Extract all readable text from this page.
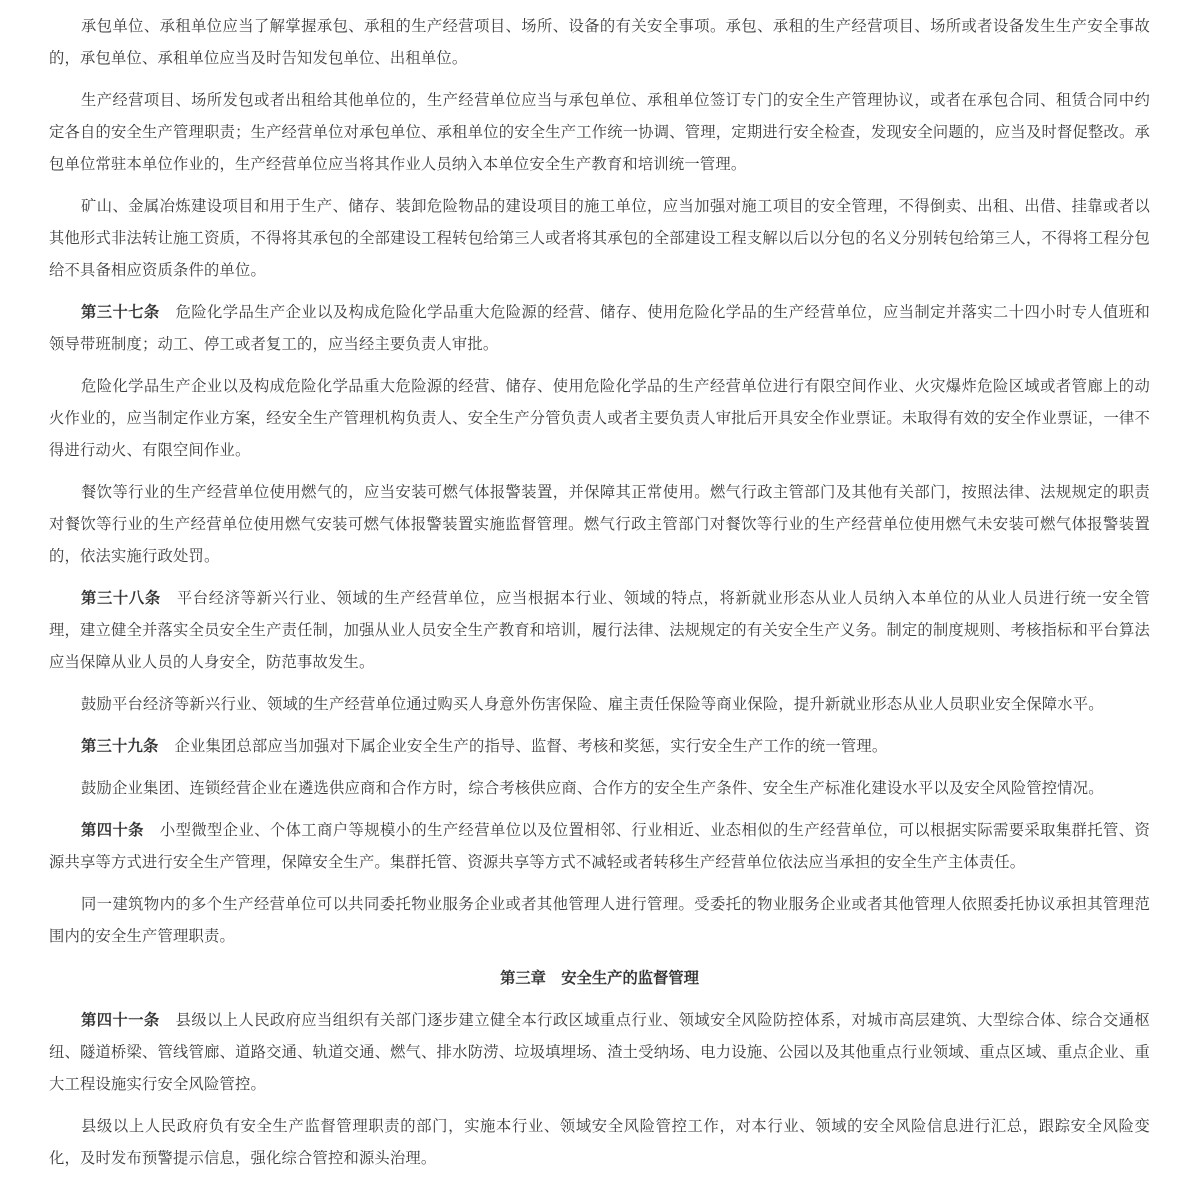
承包单位、承租单位应当了解掌握承包、承租的生产经营项目、场所、设备的有关安全事项。承包、承租的生产经营项目、场所或者设备发生生产安全事故的，承包单位、承租单位应当及时告知发包单位、出租单位。

生产经营项目、场所发包或者出租给其他单位的，生产经营单位应当与承包单位、承租单位签订专门的安全生产管理协议，或者在承包合同、租赁合同中约定各自的安全生产管理职责；生产经营单位对承包单位、承租单位的安全生产工作统一协调、管理，定期进行安全检查，发现安全问题的，应当及时督促整改。承包单位常驻本单位作业的，生产经营单位应当将其作业人员纳入本单位安全生产教育和培训统一管理。

矿山、金属冶炼建设项目和用于生产、储存、装卸危险物品的建设项目的施工单位，应当加强对施工项目的安全管理，不得倒卖、出租、出借、挂靠或者以其他形式非法转让施工资质，不得将其承包的全部建设工程转包给第三人或者将其承包的全部建设工程支解以后以分包的名义分别转包给第三人，不得将工程分包给不具备相应资质条件的单位。

第三十七条 危险化学品生产企业以及构成危险化学品重大危险源的经营、储存、使用危险化学品的生产经营单位，应当制定并落实二十四小时专人值班和领导带班制度；动工、停工或者复工的，应当经主要负责人审批。

危险化学品生产企业以及构成危险化学品重大危险源的经营、储存、使用危险化学品的生产经营单位进行有限空间作业、火灾爆炸危险区域或者管廊上的动火作业的，应当制定作业方案，经安全生产管理机构负责人、安全生产分管负责人或者主要负责人审批后开具安全作业票证。未取得有效的安全作业票证，一律不得进行动火、有限空间作业。

餐饮等行业的生产经营单位使用燃气的，应当安装可燃气体报警装置，并保障其正常使用。燃气行政主管部门及其他有关部门，按照法律、法规规定的职责对餐饮等行业的生产经营单位使用燃气安装可燃气体报警装置实施监督管理。燃气行政主管部门对餐饮等行业的生产经营单位使用燃气未安装可燃气体报警装置的，依法实施行政处罚。

第三十八条 平台经济等新兴行业、领域的生产经营单位，应当根据本行业、领域的特点，将新就业形态从业人员纳入本单位的从业人员进行统一安全管理，建立健全并落实全员安全生产责任制，加强从业人员安全生产教育和培训，履行法律、法规规定的有关安全生产义务。制定的制度规则、考核指标和平台算法应当保障从业人员的人身安全，防范事故发生。

鼓励平台经济等新兴行业、领域的生产经营单位通过购买人身意外伤害保险、雇主责任保险等商业保险，提升新就业形态从业人员职业安全保障水平。

第三十九条 企业集团总部应当加强对下属企业安全生产的指导、监督、考核和奖惩，实行安全生产工作的统一管理。

鼓励企业集团、连锁经营企业在遴选供应商和合作方时，综合考核供应商、合作方的安全生产条件、安全生产标准化建设水平以及安全风险管控情况。

第四十条 小型微型企业、个体工商户等规模小的生产经营单位以及位置相邻、行业相近、业态相似的生产经营单位，可以根据实际需要采取集群托管、资源共享等方式进行安全生产管理，保障安全生产。集群托管、资源共享等方式不减轻或者转移生产经营单位依法应当承担的安全生产主体责任。

同一建筑物内的多个生产经营单位可以共同委托物业服务企业或者其他管理人进行管理。受委托的物业服务企业或者其他管理人依照委托协议承担其管理范围内的安全生产管理职责。

第三章　安全生产的监督管理

第四十一条 县级以上人民政府应当组织有关部门逐步建立健全本行政区域重点行业、领域安全风险防控体系，对城市高层建筑、大型综合体、综合交通枢纽、隧道桥梁、管线管廊、道路交通、轨道交通、燃气、排水防涝、垃圾填埋场、渣土受纳场、电力设施、公园以及其他重点行业领域、重点区域、重点企业、重大工程设施实行安全风险管控。

县级以上人民政府负有安全生产监督管理职责的部门，实施本行业、领域安全风险管控工作，对本行业、领域的安全风险信息进行汇总，跟踪安全风险变化，及时发布预警提示信息，强化综合管控和源头治理。
